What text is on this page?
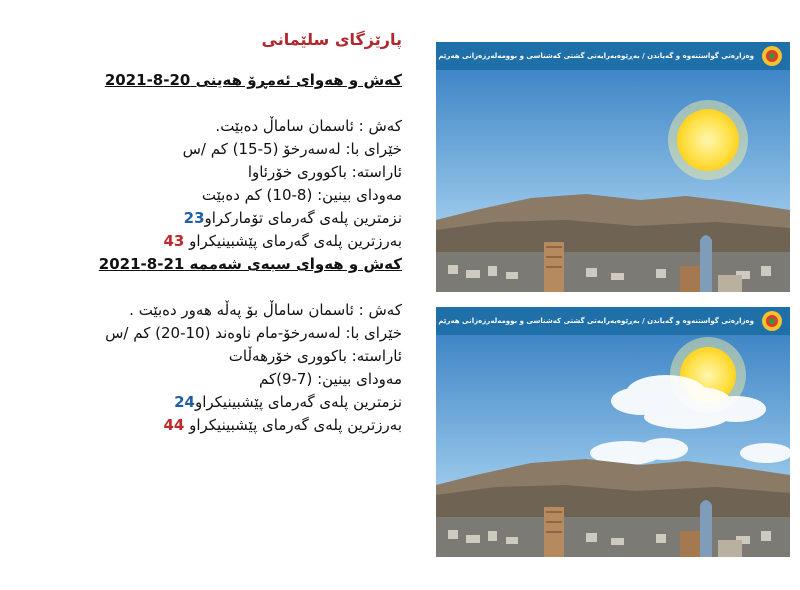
پارێزگای سلێمانی
كەش و هەوای ئەمڕۆ هەینی 20-8-2021
كەش : ئاسمان ساماڵ دەبێت.
خێرای با: لەسەرخۆ (5-15) كم /س
ئاراستە: باكووری خۆرئاوا
مەودای بینین: (8-10) كم دەبێت
نزمترین پلەی گەرمای تۆماركراو23
بەرزترین پلەی گەرمای پێشبینیكراو 43
كەش و هەوای سبەی شەممە 21-8-2021
كەش : ئاسمان ساماڵ بۆ پەڵە هەور دەبێت .
خێرای با: لەسەرخۆ-مام ناوەند (10-20) كم /س
ئاراستە: باكووری خۆرهەڵات
مەودای بینین: (7-9)كم
نزمترین پلەی گەرمای پێشبینیكراو24
بەرزترین پلەی گەرمای پێشبینیكراو 44
وەزارەتی گواستنەوە و گەیاندن / بەڕێوەبەرایەتی گشتی کەشناسی و بوومەلەرزەزانی هەرێم - بەشی پێشبینی
وەزارەتی گواستنەوە و گەیاندن / بەڕێوەبەرایەتی گشتی کەشناسی و بوومەلەرزەزانی هەرێم - بەشی پێشبینی
